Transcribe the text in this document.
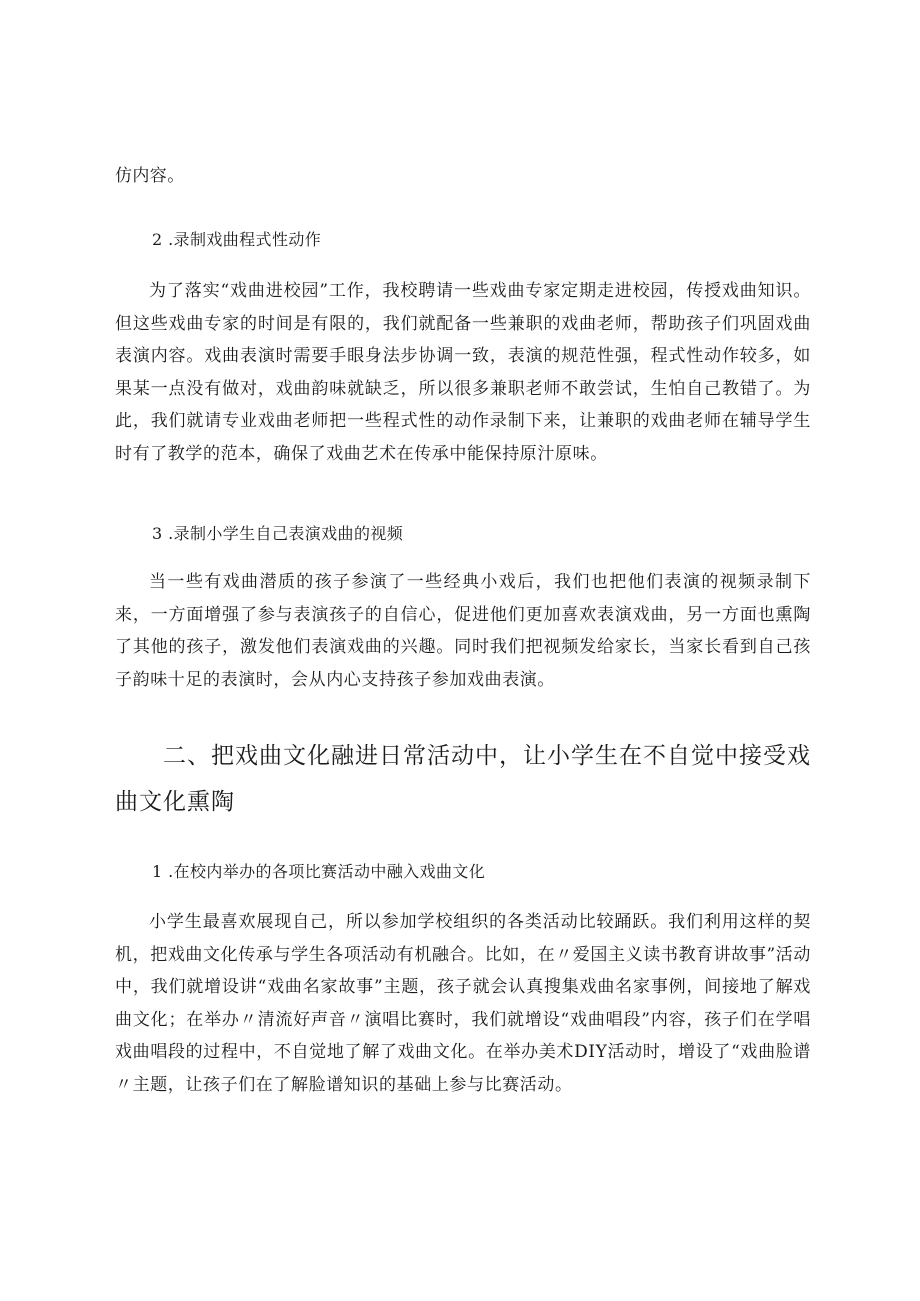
仿内容。
2 .录制戏曲程式性动作

为了落实“戏曲进校园”工作，我校聘请一些戏曲专家定期走进校园，传授戏曲知识。但这些戏曲专家的时间是有限的，我们就配备一些兼职的戏曲老师，帮助孩子们巩固戏曲表演内容。戏曲表演时需要手眼身法步协调一致，表演的规范性强，程式性动作较多，如果某一点没有做对，戏曲韵味就缺乏，所以很多兼职老师不敢尝试，生怕自己教错了。为此，我们就请专业戏曲老师把一些程式性的动作录制下来，让兼职的戏曲老师在辅导学生时有了教学的范本，确保了戏曲艺术在传承中能保持原汁原味。

3 .录制小学生自己表演戏曲的视频

当一些有戏曲潜质的孩子参演了一些经典小戏后，我们也把他们表演的视频录制下来，一方面增强了参与表演孩子的自信心，促进他们更加喜欢表演戏曲，另一方面也熏陶了其他的孩子，激发他们表演戏曲的兴趣。同时我们把视频发给家长，当家长看到自己孩子韵味十足的表演时，会从内心支持孩子参加戏曲表演。

二、把戏曲文化融进日常活动中，让小学生在不自觉中接受戏曲文化熏陶

1 .在校内举办的各项比赛活动中融入戏曲文化

小学生最喜欢展现自己，所以参加学校组织的各类活动比较踊跃。我们利用这样的契机，把戏曲文化传承与学生各项活动有机融合。比如，在〃爱国主义读书教育讲故事”活动中，我们就增设讲“戏曲名家故事”主题，孩子就会认真搜集戏曲名家事例，间接地了解戏曲文化；在举办〃清流好声音〃演唱比赛时，我们就增设“戏曲唱段”内容，孩子们在学唱戏曲唱段的过程中，不自觉地了解了戏曲文化。在举办美术DIY活动时，增设了“戏曲脸谱〃主题，让孩子们在了解脸谱知识的基础上参与比赛活动。
